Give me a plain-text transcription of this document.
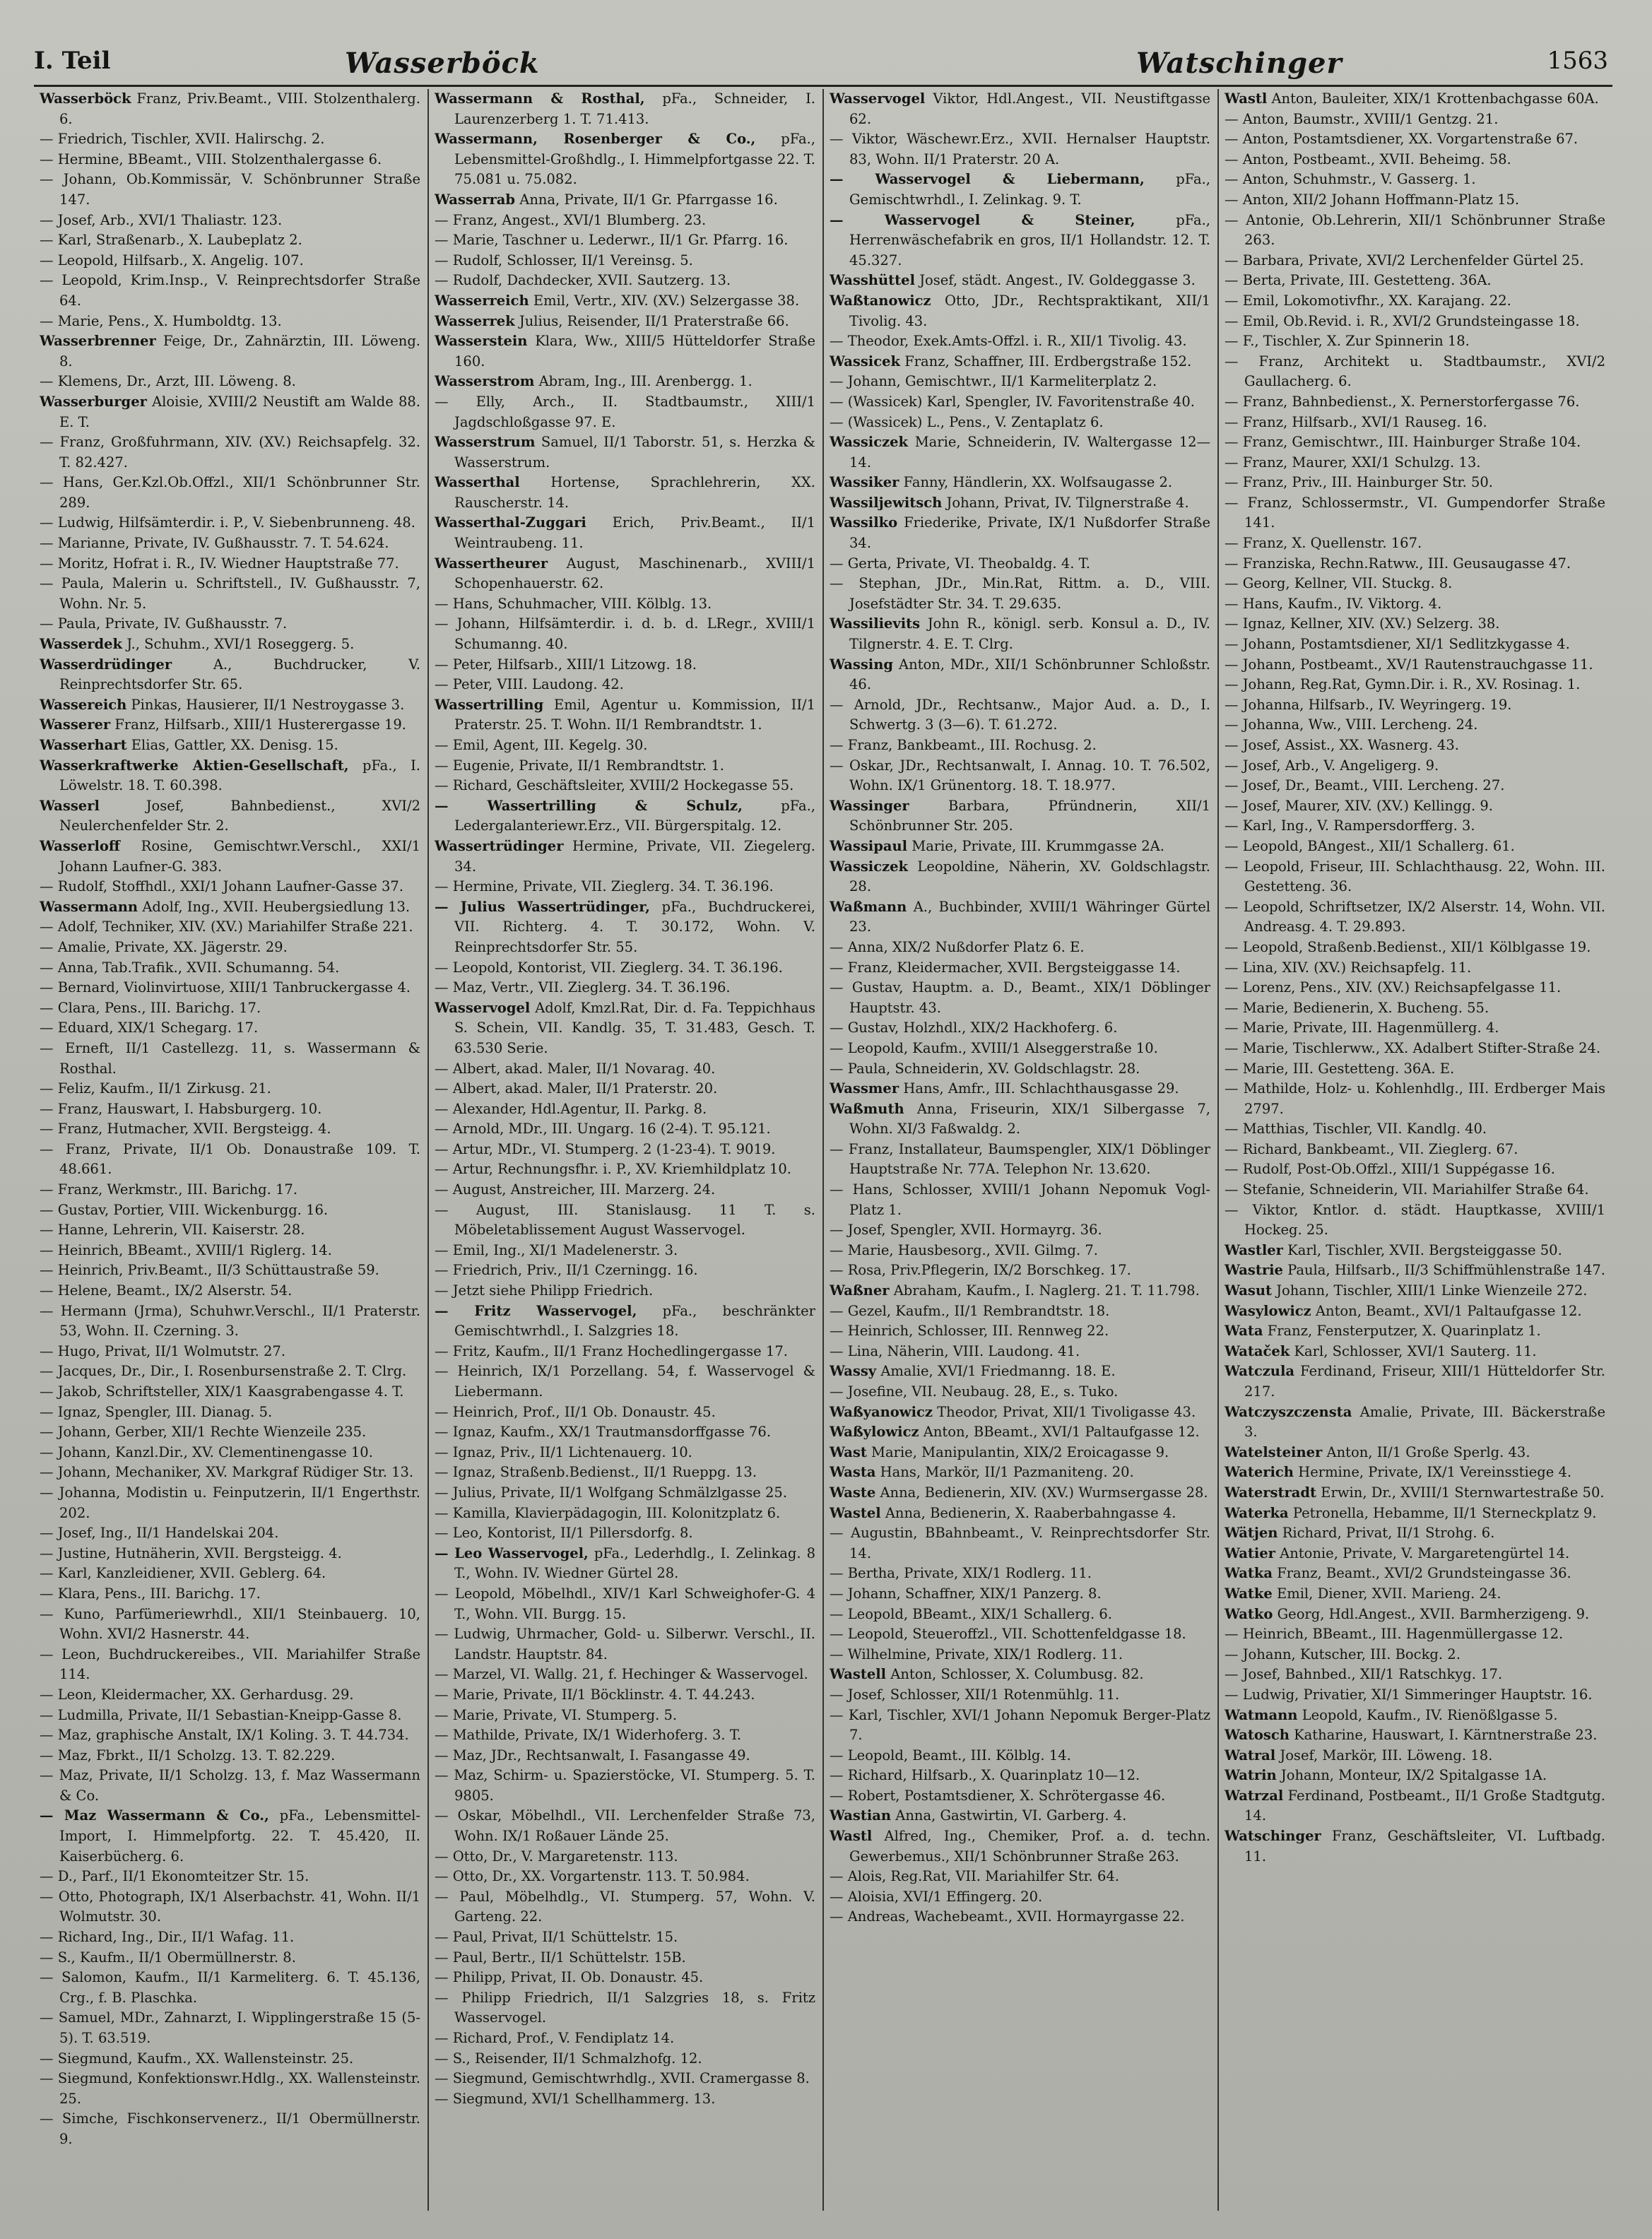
I. Teil	Wasserböck	Watschinger	1563

Wasserböck Franz, Priv.Beamt., VIII. Stolzenthalerg. 6.

— Friedrich, Tischler, XVII. Halirschg. 2.

— Hermine, BBeamt., VIII. Stolzenthalergasse 6.

— Johann, Ob.Kommissär, V. Schönbrunner Straße 147.

— Josef, Arb., XVI/1 Thaliastr. 123.

— Karl, Straßenarb., X. Laubeplatz 2.

— Leopold, Hilfsarb., X. Angelig. 107.

— Leopold, Krim.Insp., V. Reinprechtsdorfer Straße 64.

— Marie, Pens., X. Humboldtg. 13.

Wasserbrenner Feige, Dr., Zahnärztin, III. Löweng. 8.

— Klemens, Dr., Arzt, III. Löweng. 8.

Wasserburger Aloisie, XVIII/2 Neustift am Walde 88. E. T.

— Franz, Großfuhrmann, XIV. (XV.) Reichsapfelg. 32. T. 82.427.

— Hans, Ger.Kzl.Ob.Offzl., XII/1 Schönbrunner Str. 289.

— Ludwig, Hilfsämterdir. i. P., V. Siebenbrunneng. 48.

— Marianne, Private, IV. Gußhausstr. 7. T. 54.624.

— Moritz, Hofrat i. R., IV. Wiedner Hauptstraße 77.

— Paula, Malerin u. Schriftstell., IV. Gußhausstr. 7, Wohn. Nr. 5.

— Paula, Private, IV. Gußhausstr. 7.

Wasserdek J., Schuhm., XVI/1 Roseggerg. 5.

Wasserdrüdinger	A., Buchdrucker, V. Reinprechtsdorfer Str. 65.

Wassereich Pinkas, Hausierer, II/1 Nestroygasse 3.

Wasserer Franz, Hilfsarb., XIII/1 Husterergasse 19.

Wasserhart Elias, Gattler, XX. Denisg. 15.

Wasserkraftwerke Aktien-Gesellschaft, pFa., I. Löwelstr. 18. T. 60.398.

Wasserl	Josef, Bahnbedienst., XVI/2 Neulerchenfelder Str. 2.

Wasserloff Rosine, Gemischtwr.Verschl., XXI/1 Johann Laufner-G. 383.

— Rudolf, Stoffhdl., XXI/1 Johann Laufner-Gasse 37.

Wassermann Adolf, Ing., XVII. Heubergsiedlung 13.

— Adolf, Techniker, XIV. (XV.) Mariahilfer Straße 221.

— Amalie, Private, XX. Jägerstr. 29.

— Anna, Tab.Trafik., XVII. Schumanng. 54.

— Bernard, Violinvirtuose, XIII/1 Tanbruckergasse 4.

— Clara, Pens., III. Barichg. 17.

— Eduard, XIX/1 Schegarg. 17.

— Erneft, II/1 Castellezg. 11, s. Wassermann & Rosthal.

— Feliz, Kaufm., II/1 Zirkusg. 21.

— Franz, Hauswart, I. Habsburgerg. 10.

— Franz, Hutmacher, XVII. Bergsteigg. 4.

— Franz, Private, II/1 Ob. Donaustraße 109. T. 48.661.

— Franz, Werkmstr., III. Barichg. 17.

— Gustav, Portier, VIII. Wickenburgg. 16.

— Hanne, Lehrerin, VII. Kaiserstr. 28.

— Heinrich, BBeamt., XVIII/1 Riglerg. 14.

— Heinrich, Priv.Beamt., II/3 Schüttaustraße 59.

— Helene, Beamt., IX/2 Alserstr. 54.

— Hermann (Jrma), Schuhwr.Verschl., II/1 Praterstr. 53, Wohn. II. Czerning. 3.

— Hugo, Privat, II/1 Wolmutstr. 27.

— Jacques, Dr., Dir., I. Rosenbursenstraße 2. T. Clrg.

— Jakob, Schriftsteller, XIX/1 Kaasgrabengasse 4. T.

— Ignaz, Spengler, III. Dianag. 5.

— Johann, Gerber, XII/1 Rechte Wienzeile 235.

— Johann, Kanzl.Dir., XV. Clementinengasse 10.

— Johann, Mechaniker, XV. Markgraf Rüdiger Str. 13.

— Johanna, Modistin u. Feinputzerin, II/1 Engerthstr. 202.

— Josef, Ing., II/1 Handelskai 204.

— Justine, Hutnäherin, XVII. Bergsteigg. 4.

— Karl, Kanzleidiener, XVII. Geblerg. 64.

— Klara, Pens., III. Barichg. 17.

— Kuno, Parfümeriewrhdl., XII/1 Steinbauerg. 10, Wohn. XVI/2 Hasnerstr. 44.

— Leon, Buchdruckereibes., VII. Mariahilfer Straße 114.

— Leon, Kleidermacher, XX. Gerhardusg. 29.

— Ludmilla, Private, II/1 Sebastian-Kneipp-Gasse 8.

— Maz, graphische Anstalt, IX/1 Koling. 3. T. 44.734.

— Maz, Fbrkt., II/1 Scholzg. 13. T. 82.229.

— Maz, Private, II/1 Scholzg. 13, f. Maz Wassermann & Co.

— Maz Wassermann & Co., pFa., Lebensmittel-Import, I. Himmelpfortg. 22. T. 45.420, II. Kaiserbücherg. 6.

— D., Parf., II/1 Ekonomteitzer Str. 15.

— Otto, Photograph, IX/1 Alserbachstr. 41, Wohn. II/1 Wolmutstr. 30.

— Richard, Ing., Dir., II/1 Wafag. 11.

— S., Kaufm., II/1 Obermüllnerstr. 8.

— Salomon, Kaufm., II/1 Karmeliterg. 6. T. 45.136, Crg., f. B. Plaschka.

— Samuel, MDr., Zahnarzt, I. Wipplingerstraße 15 (5-5). T. 63.519.

— Siegmund, Kaufm., XX. Wallensteinstr. 25.

— Siegmund, Konfektionswr.Hdlg., XX. Wallensteinstr. 25.

— Simche, Fischkonservenerz., II/1 Obermüllnerstr. 9.

Wassermann & Rosthal, pFa., Schneider, I. Laurenzerberg 1. T. 71.413.

Wassermann, Rosenberger & Co., pFa., Lebensmittel-Großhdlg., I. Himmelpfortgasse 22. T. 75.081 u. 75.082.

Wasserrab Anna, Private, II/1 Gr. Pfarrgasse 16.

— Franz, Angest., XVI/1 Blumberg. 23.

— Marie, Taschner u. Lederwr., II/1 Gr. Pfarrg. 16.

— Rudolf, Schlosser, II/1 Vereinsg. 5.

— Rudolf, Dachdecker, XVII. Sautzerg. 13.

Wasserreich Emil, Vertr., XIV. (XV.) Selzergasse 38.

Wasserrek Julius, Reisender, II/1 Praterstraße 66.

Wasserstein Klara, Ww., XIII/5 Hütteldorfer Straße 160.

Wasserstrom Abram, Ing., III. Arenbergg. 1.

— Elly, Arch., II. Stadtbaumstr., XIII/1 Jagdschloßgasse 97. E.

Wasserstrum Samuel, II/1 Taborstr. 51, s. Herzka & Wasserstrum.

Wasserthal Hortense, Sprachlehrerin, XX. Rauscherstr. 14.

Wasserthal-Zuggari Erich, Priv.Beamt., II/1 Weintraubeng. 11.

Wassertheurer August, Maschinenarb., XVIII/1 Schopenhauerstr. 62.

— Hans, Schuhmacher, VIII. Kölblg. 13.

— Johann, Hilfsämterdir. i. d. b. d. LRegr., XVIII/1 Schumanng. 40.

— Peter, Hilfsarb., XIII/1 Litzowg. 18.

— Peter, VIII. Laudong. 42.

Wassertrilling Emil, Agentur u. Kommission, II/1 Praterstr. 25. T. Wohn. II/1 Rembrandtstr. 1.

— Emil, Agent, III. Kegelg. 30.

— Eugenie, Private, II/1 Rembrandtstr. 1.

— Richard, Geschäftsleiter, XVIII/2 Hockegasse 55.

— Wassertrilling & Schulz,	pFa., Ledergalanteriewr.Erz., VII. Bürgerspitalg. 12.

Wassertrüdinger Hermine, Private, VII. Ziegelerg. 34.

— Hermine, Private, VII. Zieglerg. 34. T. 36.196.

— Julius Wassertrüdinger, pFa., Buchdruckerei, VII. Richterg. 4. T. 30.172, Wohn. V. Reinprechtsdorfer Str. 55.

— Leopold, Kontorist, VII. Zieglerg. 34. T. 36.196.

— Maz, Vertr., VII. Zieglerg. 34. T. 36.196.

Wasservogel Adolf, Kmzl.Rat, Dir. d. Fa. Teppichhaus S. Schein, VII. Kandlg. 35, T. 31.483, Gesch. T. 63.530 Serie.

— Albert, akad. Maler, II/1 Novarag. 40.

— Albert, akad. Maler, II/1 Praterstr. 20.

— Alexander, Hdl.Agentur, II. Parkg. 8.

— Arnold, MDr., III. Ungarg. 16 (2-4). T. 95.121.

— Artur, MDr., VI. Stumperg. 2 (1-23-4). T. 9019.

— Artur, Rechnungsfhr. i. P., XV. Kriemhildplatz 10.

— August, Anstreicher, III. Marzerg. 24.

— August, III. Stanislausg. 11 T. s. Möbeletablissement August Wasservogel.

— Emil, Ing., XI/1 Madelenerstr. 3.

— Friedrich, Priv., II/1 Czerningg. 16.

— Jetzt siehe Philipp Friedrich.

— Fritz Wasservogel, pFa., beschränkter Gemischtwrhdl., I. Salzgries 18.

— Fritz, Kaufm., II/1 Franz Hochedlingergasse 17.

— Heinrich, IX/1 Porzellang. 54, f. Wasservogel & Liebermann.

— Heinrich, Prof., II/1 Ob. Donaustr. 45.

— Ignaz, Kaufm., XX/1 Trautmansdorffgasse 76.

— Ignaz, Priv., II/1 Lichtenauerg. 10.

— Ignaz, Straßenb.Bedienst., II/1 Rueppg. 13.

— Julius, Private, II/1 Wolfgang Schmälzlgasse 25.

— Kamilla, Klavierpädagogin, III. Kolonitzplatz 6.

— Leo, Kontorist, II/1 Pillersdorfg. 8.

— Leo Wasservogel, pFa., Lederhdlg., I. Zelinkag. 8 T., Wohn. IV. Wiedner Gürtel 28.

— Leopold, Möbelhdl., XIV/1 Karl Schweighofer-G. 4 T., Wohn. VII. Burgg. 15.

— Ludwig, Uhrmacher, Gold- u. Silberwr. Verschl., II. Landstr. Hauptstr. 84.

— Marzel, VI. Wallg. 21, f. Hechinger & Wasservogel.

— Marie, Private, II/1 Böcklinstr. 4. T. 44.243.

— Marie, Private, VI. Stumperg. 5.

— Mathilde, Private, IX/1 Widerhoferg. 3. T.

— Maz, JDr., Rechtsanwalt, I. Fasangasse 49.

— Maz, Schirm- u. Spazierstöcke, VI. Stumperg. 5. T. 9805.

— Oskar, Möbelhdl., VII. Lerchenfelder Straße 73, Wohn. IX/1 Roßauer Lände 25.

— Otto, Dr., V. Margaretenstr. 113.

— Otto, Dr., XX. Vorgartenstr. 113. T. 50.984.

— Paul, Möbelhdlg., VI. Stumperg. 57, Wohn. V. Garteng. 22.

— Paul, Privat, II/1 Schüttelstr. 15.

— Paul, Bertr., II/1 Schüttelstr. 15B.

— Philipp, Privat, II. Ob. Donaustr. 45.

— Philipp Friedrich, II/1 Salzgries 18, s. Fritz Wasservogel.

— Richard, Prof., V. Fendiplatz 14.

— S., Reisender, II/1 Schmalzhofg. 12.

— Siegmund, Gemischtwrhdlg., XVII. Cramergasse 8.

— Siegmund, XVI/1 Schellhammerg. 13.

Wasservogel Viktor, Hdl.Angest., VII. Neustiftgasse 62.

— Viktor, Wäschewr.Erz., XVII. Hernalser Hauptstr. 83, Wohn. II/1 Praterstr. 20 A.

— Wasservogel & Liebermann, pFa., Gemischtwrhdl., I. Zelinkag. 9. T.

— Wasservogel & Steiner,	pFa., Herrenwäschefabrik en gros, II/1 Hollandstr. 12. T. 45.327.

Wasshüttel Josef, städt. Angest., IV. Goldeggasse 3.

Waßtanowicz Otto, JDr., Rechtspraktikant, XII/1 Tivolig. 43.

— Theodor, Exek.Amts-Offzl. i. R., XII/1 Tivolig. 43.

Wassicek Franz, Schaffner, III. Erdbergstraße 152.

— Johann, Gemischtwr., II/1 Karmeliterplatz 2.

— (Wassicek) Karl, Spengler, IV. Favoritenstraße 40.

— (Wassicek) L., Pens., V. Zentaplatz 6.

Wassiczek Marie, Schneiderin, IV. Waltergasse 12—14.

Wassiker Fanny, Händlerin, XX. Wolfsaugasse 2.

Wassiljewitsch Johann, Privat, IV. Tilgnerstraße 4.

Wassilko Friederike, Private, IX/1 Nußdorfer Straße 34.

— Gerta, Private, VI. Theobaldg. 4. T.

— Stephan, JDr., Min.Rat, Rittm. a. D., VIII. Josefstädter Str. 34. T. 29.635.

Wassilievits John R., königl. serb. Konsul a. D., IV. Tilgnerstr. 4. E. T. Clrg.

Wassing Anton, MDr., XII/1 Schönbrunner Schloßstr. 46.

— Arnold, JDr., Rechtsanw., Major Aud. a. D., I. Schwertg. 3 (3—6). T. 61.272.

— Franz, Bankbeamt., III. Rochusg. 2.

— Oskar, JDr., Rechtsanwalt, I. Annag. 10. T. 76.502, Wohn. IX/1 Grünentorg. 18. T. 18.977.

Wassinger	Barbara, Pfründnerin, XII/1 Schönbrunner Str. 205.

Wassipaul Marie, Private, III. Krummgasse 2A.

Wassiczek Leopoldine, Näherin, XV. Goldschlagstr. 28.

Waßmann A., Buchbinder, XVIII/1 Währinger Gürtel 23.

— Anna, XIX/2 Nußdorfer Platz 6. E.

— Franz, Kleidermacher, XVII. Bergsteiggasse 14.

— Gustav, Hauptm. a. D., Beamt., XIX/1 Döblinger Hauptstr. 43.

— Gustav, Holzhdl., XIX/2 Hackhoferg. 6.

— Leopold, Kaufm., XVIII/1 Alseggerstraße 10.

— Paula, Schneiderin, XV. Goldschlagstr. 28.

Wassmer Hans, Amfr., III. Schlachthausgasse 29.

Waßmuth Anna, Friseurin, XIX/1 Silbergasse 7, Wohn. XI/3 Faßwaldg. 2.

— Franz, Installateur, Baumspengler, XIX/1 Döblinger Hauptstraße Nr. 77A. Telephon Nr. 13.620.

— Hans, Schlosser, XVIII/1 Johann Nepomuk Vogl-Platz 1.

— Josef, Spengler, XVII. Hormayrg. 36.

— Marie, Hausbesorg., XVII. Gilmg. 7.

— Rosa, Priv.Pflegerin, IX/2 Borschkeg. 17.

Waßner Abraham, Kaufm., I. Naglerg. 21. T. 11.798.

— Gezel, Kaufm., II/1 Rembrandtstr. 18.

— Heinrich, Schlosser, III. Rennweg 22.

— Lina, Näherin, VIII. Laudong. 41.

Wassy Amalie, XVI/1 Friedmanng. 18. E.

— Josefine, VII. Neubaug. 28, E., s. Tuko.

Waßyanowicz Theodor, Privat, XII/1 Tivoligasse 43.

Waßylowicz Anton, BBeamt., XVI/1 Paltaufgasse 12.

Wast Marie, Manipulantin, XIX/2 Eroicagasse 9.

Wasta Hans, Markör, II/1 Pazmaniteng. 20.

Waste Anna, Bedienerin, XIV. (XV.) Wurmsergasse 28.

Wastel Anna, Bedienerin, X. Raaberbahngasse 4.

— Augustin, BBahnbeamt., V. Reinprechtsdorfer Str. 14.

— Bertha, Private, XIX/1 Rodlerg. 11.

— Johann, Schaffner, XIX/1 Panzerg. 8.

— Leopold, BBeamt., XIX/1 Schallerg. 6.

— Leopold, Steueroffzl., VII. Schottenfeldgasse 18.

— Wilhelmine, Private, XIX/1 Rodlerg. 11.

Wastell Anton, Schlosser, X. Columbusg. 82.

— Josef, Schlosser, XII/1 Rotenmühlg. 11.

— Karl, Tischler, XVI/1 Johann Nepomuk Berger-Platz 7.

— Leopold, Beamt., III. Kölblg. 14.

— Richard, Hilfsarb., X. Quarinplatz 10—12.

— Robert, Postamtsdiener, X. Schrötergasse 46.

Wastian Anna, Gastwirtin, VI. Garberg. 4.

Wastl Alfred, Ing., Chemiker, Prof. a. d. techn. Gewerbemus., XII/1 Schönbrunner Straße 263.

— Alois, Reg.Rat, VII. Mariahilfer Str. 64.

— Aloisia, XVI/1 Effingerg. 20.

— Andreas, Wachebeamt., XVII. Hormayrgasse 22.

Wastl Anton, Bauleiter, XIX/1 Krottenbachgasse 60A.

— Anton, Baumstr., XVIII/1 Gentzg. 21.

— Anton, Postamtsdiener, XX. Vorgartenstraße 67.

— Anton, Postbeamt., XVII. Beheimg. 58.

— Anton, Schuhmstr., V. Gasserg. 1.

— Anton, XII/2 Johann Hoffmann-Platz 15.

— Antonie, Ob.Lehrerin, XII/1 Schönbrunner Straße 263.

— Barbara, Private, XVI/2 Lerchenfelder Gürtel 25.

— Berta, Private, III. Gestetteng. 36A.

— Emil, Lokomotivfhr., XX. Karajang. 22.

— Emil, Ob.Revid. i. R., XVI/2 Grundsteingasse 18.

— F., Tischler, X. Zur Spinnerin 18.

— Franz, Architekt u. Stadtbaumstr., XVI/2 Gaullacherg. 6.

— Franz, Bahnbedienst., X. Pernerstorfergasse 76.

— Franz, Hilfsarb., XVI/1 Rauseg. 16.

— Franz, Gemischtwr., III. Hainburger Straße 104.

— Franz, Maurer, XXI/1 Schulzg. 13.

— Franz, Priv., III. Hainburger Str. 50.

— Franz, Schlossermstr., VI. Gumpendorfer Straße 141.

— Franz, X. Quellenstr. 167.

— Franziska, Rechn.Ratww., III. Geusaugasse 47.

— Georg, Kellner, VII. Stuckg. 8.

— Hans, Kaufm., IV. Viktorg. 4.

— Ignaz, Kellner, XIV. (XV.) Selzerg. 38.

— Johann, Postamtsdiener, XI/1 Sedlitzkygasse 4.

— Johann, Postbeamt., XV/1 Rautenstrauchgasse 11.

— Johann, Reg.Rat, Gymn.Dir. i. R., XV. Rosinag. 1.

— Johanna, Hilfsarb., IV. Weyringerg. 19.

— Johanna, Ww., VIII. Lercheng. 24.

— Josef, Assist., XX. Wasnerg. 43.

— Josef, Arb., V. Angeligerg. 9.

— Josef, Dr., Beamt., VIII. Lercheng. 27.

— Josef, Maurer, XIV. (XV.) Kellingg. 9.

— Karl, Ing., V. Rampersdorfferg. 3.

— Leopold, BAngest., XII/1 Schallerg. 61.

— Leopold, Friseur, III. Schlachthausg. 22, Wohn. III. Gestetteng. 36.

— Leopold, Schriftsetzer, IX/2 Alserstr. 14, Wohn. VII. Andreasg. 4. T. 29.893.

— Leopold, Straßenb.Bedienst., XII/1 Kölblgasse 19.

— Lina, XIV. (XV.) Reichsapfelg. 11.

— Lorenz, Pens., XIV. (XV.) Reichsapfelgasse 11.

— Marie, Bedienerin, X. Bucheng. 55.

— Marie, Private, III. Hagenmüllerg. 4.

— Marie, Tischlerww., XX. Adalbert Stifter-Straße 24.

— Marie, III. Gestetteng. 36A. E.

— Mathilde, Holz- u. Kohlenhdlg., III. Erdberger Mais 2797.

— Matthias, Tischler, VII. Kandlg. 40.

— Richard, Bankbeamt., VII. Zieglerg. 67.

— Rudolf, Post-Ob.Offzl., XIII/1 Suppégasse 16.

— Stefanie, Schneiderin, VII. Mariahilfer Straße 64.

— Viktor, Kntlor. d. städt. Hauptkasse, XVIII/1 Hockeg. 25.

Wastler Karl, Tischler, XVII. Bergsteiggasse 50.

Wastrie Paula, Hilfsarb., II/3 Schiffmühlenstraße 147.

Wasut Johann, Tischler, XIII/1 Linke Wienzeile 272.

Wasylowicz Anton, Beamt., XVI/1 Paltaufgasse 12.

Wata Franz, Fensterputzer, X. Quarinplatz 1.

Wataček Karl, Schlosser, XVI/1 Sauterg. 11.

Watczula Ferdinand, Friseur, XIII/1 Hütteldorfer Str. 217.

Watczyszczensta Amalie, Private, III. Bäckerstraße 3.

Watelsteiner Anton, II/1 Große Sperlg. 43.

Waterich Hermine, Private, IX/1 Vereinsstiege 4.

Waterstradt Erwin, Dr., XVIII/1 Sternwartestraße 50.

Waterka Petronella, Hebamme, II/1 Sterneckplatz 9.

Wätjen Richard, Privat, II/1 Strohg. 6.

Watier Antonie, Private, V. Margaretengürtel 14.

Watka Franz, Beamt., XVI/2 Grundsteingasse 36.

Watke Emil, Diener, XVII. Marieng. 24.

Watko Georg, Hdl.Angest., XVII. Barmherzigeng. 9.

— Heinrich, BBeamt., III. Hagenmüllergasse 12.

— Johann, Kutscher, III. Bockg. 2.

— Josef, Bahnbed., XII/1 Ratschkyg. 17.

— Ludwig, Privatier, XI/1 Simmeringer Hauptstr. 16.

Watmann Leopold, Kaufm., IV. Rienößlgasse 5.

Watosch Katharine, Hauswart, I. Kärntnerstraße 23.

Watral Josef, Markör, III. Löweng. 18.

Watrin Johann, Monteur, IX/2 Spitalgasse 1A.

Watrzal Ferdinand, Postbeamt., II/1 Große Stadtgutg. 14.

Watschinger Franz, Geschäftsleiter, VI. Luftbadg. 11.
